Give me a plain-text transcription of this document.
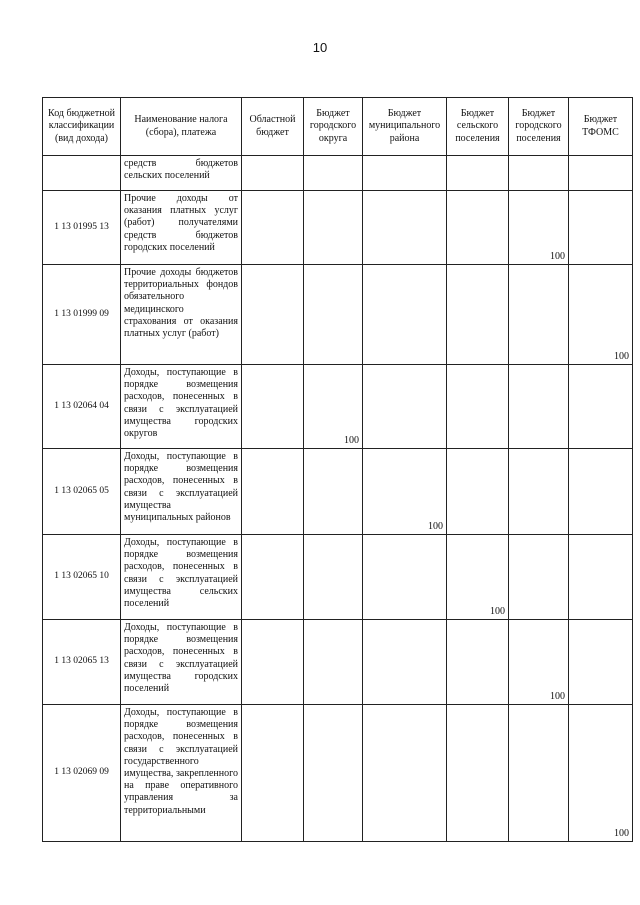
10
Код бюджетной классификации (вид дохода)	Наименование налога (сбора), платежа	Областной бюджет	Бюджет городского округа	Бюджет муниципального района	Бюджет сельского поселения	Бюджет городского поселения	Бюджет ТФОМС
	средств бюджетов сельских поселений						
1 13 01995 13	Прочие доходы от оказания платных услуг (работ) получателями средств бюджетов городских поселений					100	
1 13 01999 09	Прочие доходы бюджетов территориальных фондов обязательного медицинского страхования от оказания платных услуг (работ)						100
1 13 02064 04	Доходы, поступающие в порядке возмещения расходов, понесенных в связи с эксплуатацией имущества городских округов		100				
1 13 02065 05	Доходы, поступающие в порядке возмещения расходов, понесенных в связи с эксплуатацией имущества муниципальных районов			100			
1 13 02065 10	Доходы, поступающие в порядке возмещения расходов, понесенных в связи с эксплуатацией имущества сельских поселений				100		
1 13 02065 13	Доходы, поступающие в порядке возмещения расходов, понесенных в связи с эксплуатацией имущества городских поселений					100	
1 13 02069 09	Доходы, поступающие в порядке возмещения расходов, понесенных в связи с эксплуатацией государственного имущества, закрепленного на праве оперативного управления за территориальными						100
